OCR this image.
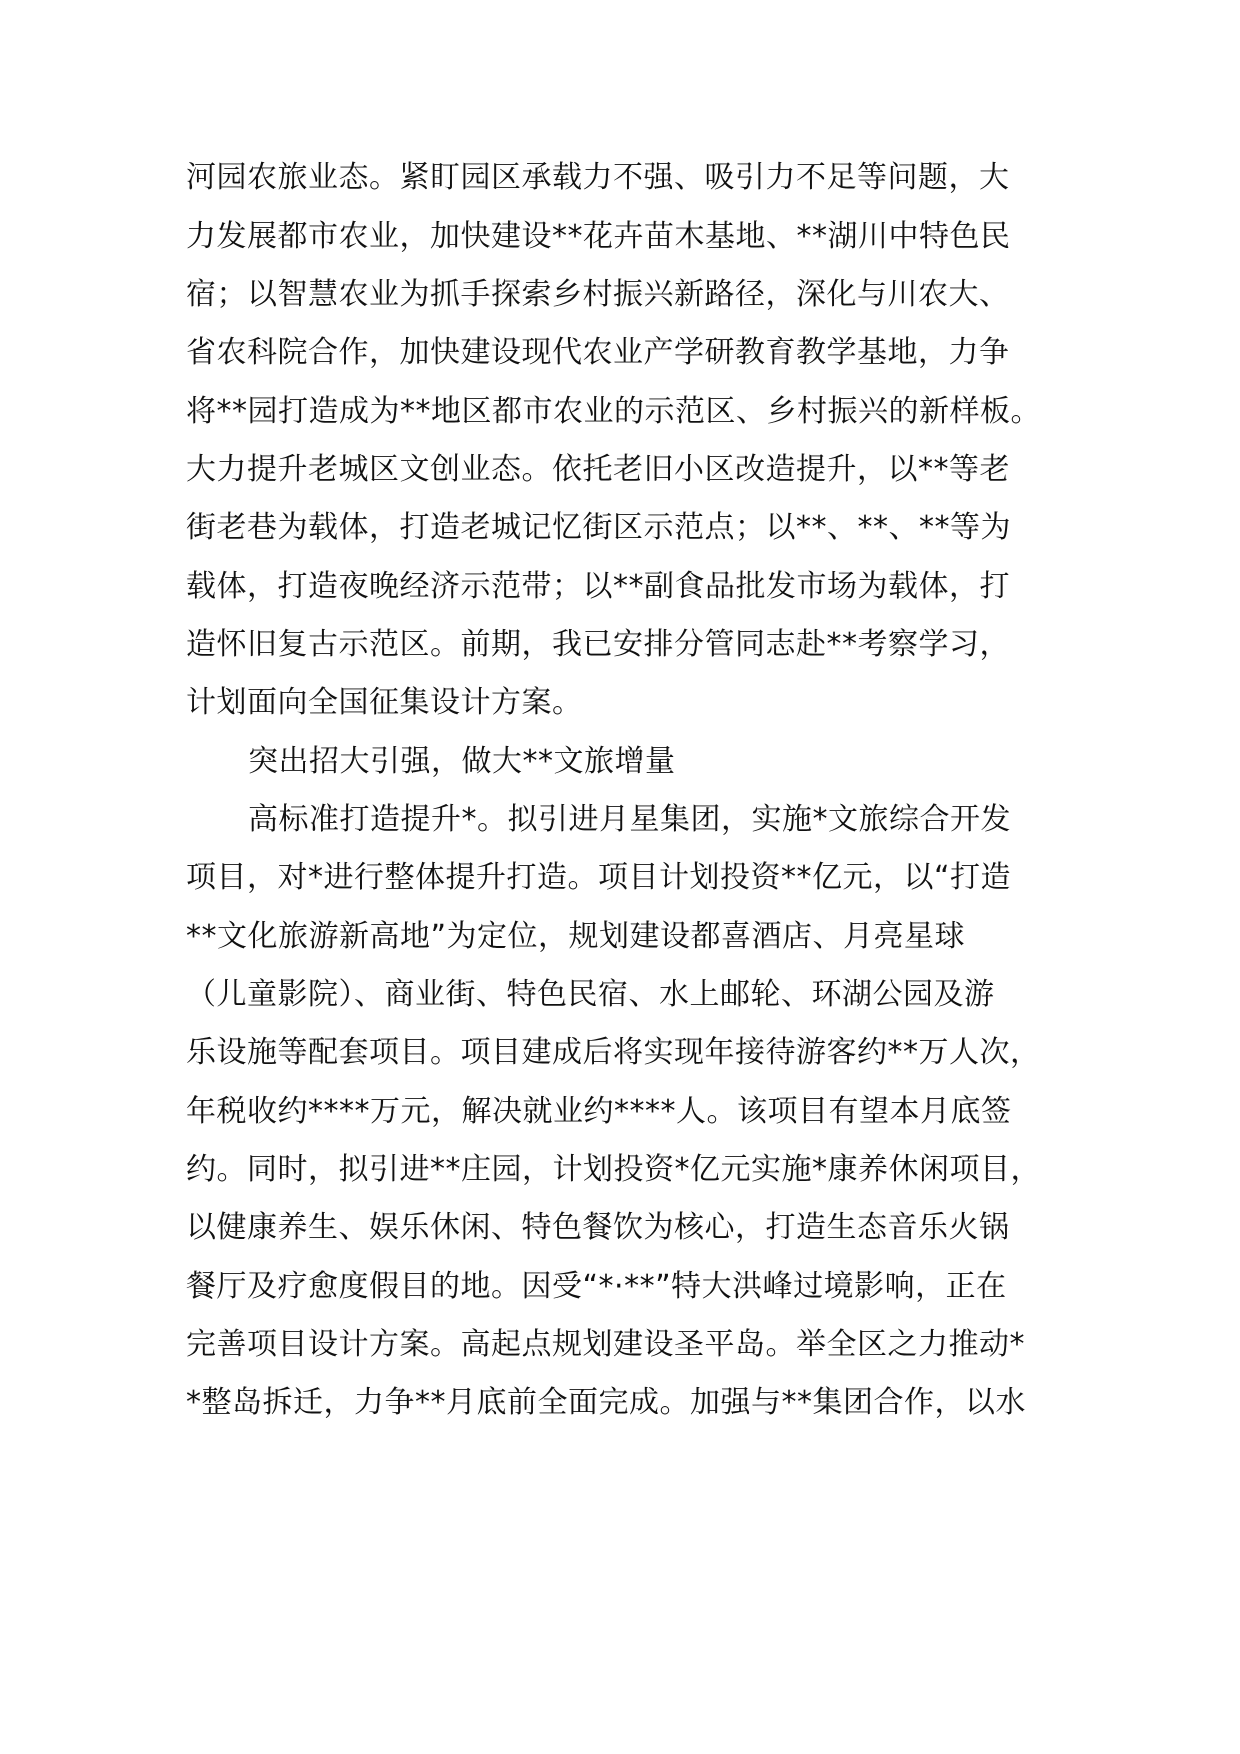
河园农旅业态。紧盯园区承载力不强、吸引力不足等问题，大
力发展都市农业，加快建设**花卉苗木基地、**湖川中特色民
宿；以智慧农业为抓手探索乡村振兴新路径，深化与川农大、
省农科院合作，加快建设现代农业产学研教育教学基地，力争
将**园打造成为**地区都市农业的示范区、乡村振兴的新样板。
大力提升老城区文创业态。依托老旧小区改造提升，以**等老
街老巷为载体，打造老城记忆街区示范点；以**、**、**等为
载体，打造夜晚经济示范带；以**副食品批发市场为载体，打
造怀旧复古示范区。前期，我已安排分管同志赴**考察学习，
计划面向全国征集设计方案。
突出招大引强，做大**文旅增量
高标准打造提升*。拟引进月星集团，实施*文旅综合开发
项目，对*进行整体提升打造。项目计划投资**亿元，以“打造
**文化旅游新高地”为定位，规划建设都喜酒店、月亮星球
（儿童影院）、商业街、特色民宿、水上邮轮、环湖公园及游
乐设施等配套项目。项目建成后将实现年接待游客约**万人次，
年税收约****万元，解决就业约****人。该项目有望本月底签
约。同时，拟引进**庄园，计划投资*亿元实施*康养休闲项目，
以健康养生、娱乐休闲、特色餐饮为核心，打造生态音乐火锅
餐厅及疗愈度假目的地。因受“*·**”特大洪峰过境影响，正在
完善项目设计方案。高起点规划建设圣平岛。举全区之力推动*
*整岛拆迁，力争**月底前全面完成。加强与**集团合作，以水
